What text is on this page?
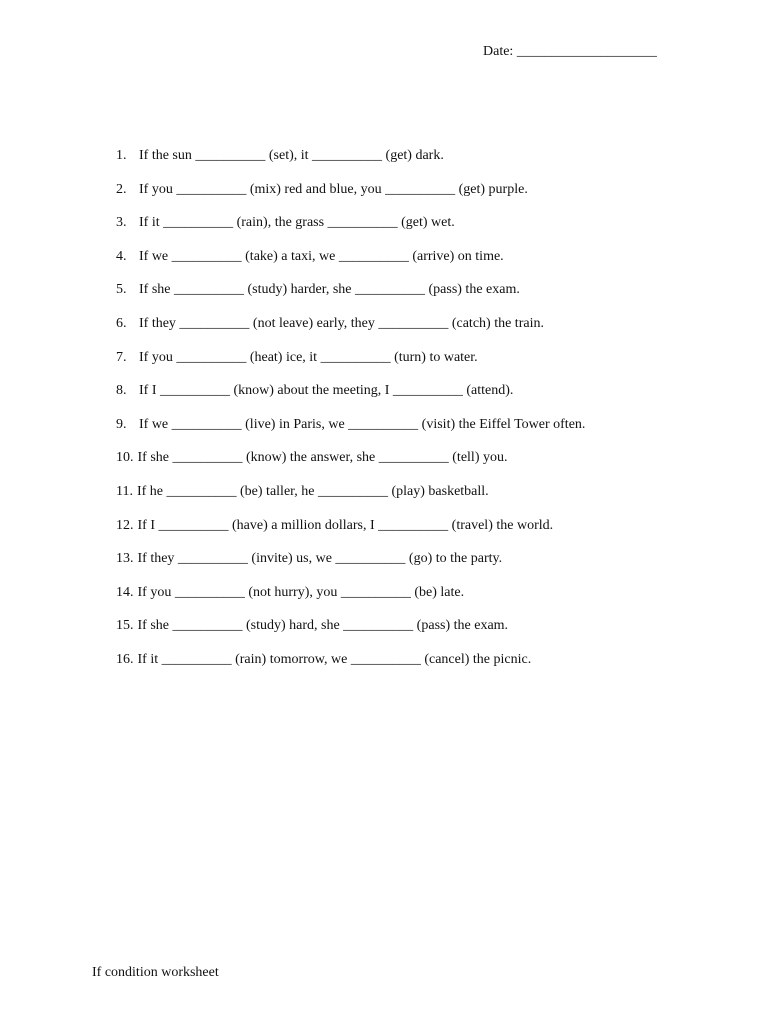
Date: ____________________

1.

If the sun __________ (set), it __________ (get) dark.

2.

If you __________ (mix) red and blue, you __________ (get) purple.

3.

If it __________ (rain), the grass __________ (get) wet.

4.

If we __________ (take) a taxi, we __________ (arrive) on time.

5.

If she __________ (study) harder, she __________ (pass) the exam.

6.

If they __________ (not leave) early, they __________ (catch) the train.

7.

If you __________ (heat) ice, it __________ (turn) to water.

8.

If I __________ (know) about the meeting, I __________ (attend).

9.

If we __________ (live) in Paris, we __________ (visit) the Eiffel Tower often.

10.

If she __________ (know) the answer, she __________ (tell) you.

11.

If he __________ (be) taller, he __________ (play) basketball.

12.

If I __________ (have) a million dollars, I __________ (travel) the world.

13.

If they __________ (invite) us, we __________ (go) to the party.

14.

If you __________ (not hurry), you __________ (be) late.

15.

If she __________ (study) hard, she __________ (pass) the exam.

16.

If it __________ (rain) tomorrow, we __________ (cancel) the picnic.

If condition worksheet
